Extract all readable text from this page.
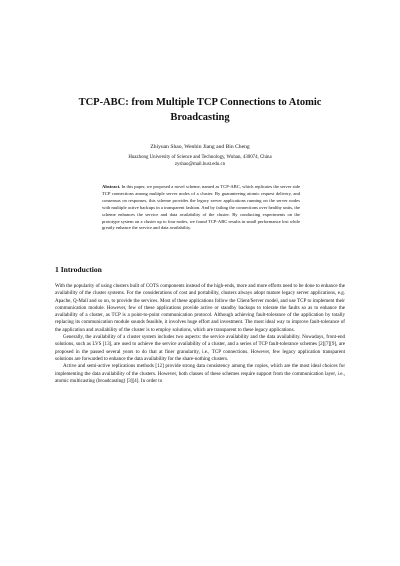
TCP-ABC: from Multiple TCP Connections to Atomic
Broadcasting
Zhiyuan Shao, Wenbin Jiang and Bin Cheng
Huazhong University of Science and Technology, Wuhan, 430074, China
zyshao@mail.hust.edu.cn
Abstract. In this paper, we proposed a novel scheme, named as TCP-ABC, which replicates the server side TCP connections among multiple server nodes of a cluster. By guaranteeing atomic request delivery, and consensus on responses, this scheme provides the legacy server applications running on the server nodes with multiple active backups in a transparent fashion. And by failing the connections over healthy units, the scheme enhances the service and data availability of the cluster. By conducting experiments on the prototype system on a cluster up to four nodes, we found TCP-ABC results in small performance lost while greatly enhance the service and data availability.
1 Introduction

With the popularity of using clusters built of COTS components instead of the high-ends, more and more efforts need to be done to enhance the availability of the cluster systems. For the considerations of cost and portability, clusters always adopt mature legacy server applications, e.g. Apache, Q-Mail and so on, to provide the services. Most of these applications follow the Client/Server model, and use TCP to implement their communication module. However, few of these applications provide active or standby backups to tolerate the faults so as to enhance the availability of a cluster, as TCP is a point-to-point communication protocol. Although achieving fault-tolerance of the application by totally replacing its communication module sounds feasible, it involves huge effort and investment. The most ideal way to improve fault-tolerance of the application and availability of the cluster is to employ solutions, which are transparent to these legacy applications.

Generally, the availability of a cluster system includes two aspects: the service availability and the data availability. Nowadays, front-end solutions, such as LVS [13], are used to achieve the service availability of a cluster, and a series of TCP fault-tolerance schemes [2][7][9], are proposed in the passed several years to do that at finer granularity, i.e., TCP connections. However, few legacy application transparent solutions are forwarded to enhance the data availability for the share-nothing clusters.

Active and semi-active replications methods [12] provide strong data consistency among the copies, which are the most ideal choices for implementing the data availability of the clusters. However, both classes of these schemes require support from the communication layer, i.e., atomic multicasting (broadcasting) [3][4]. In order to
